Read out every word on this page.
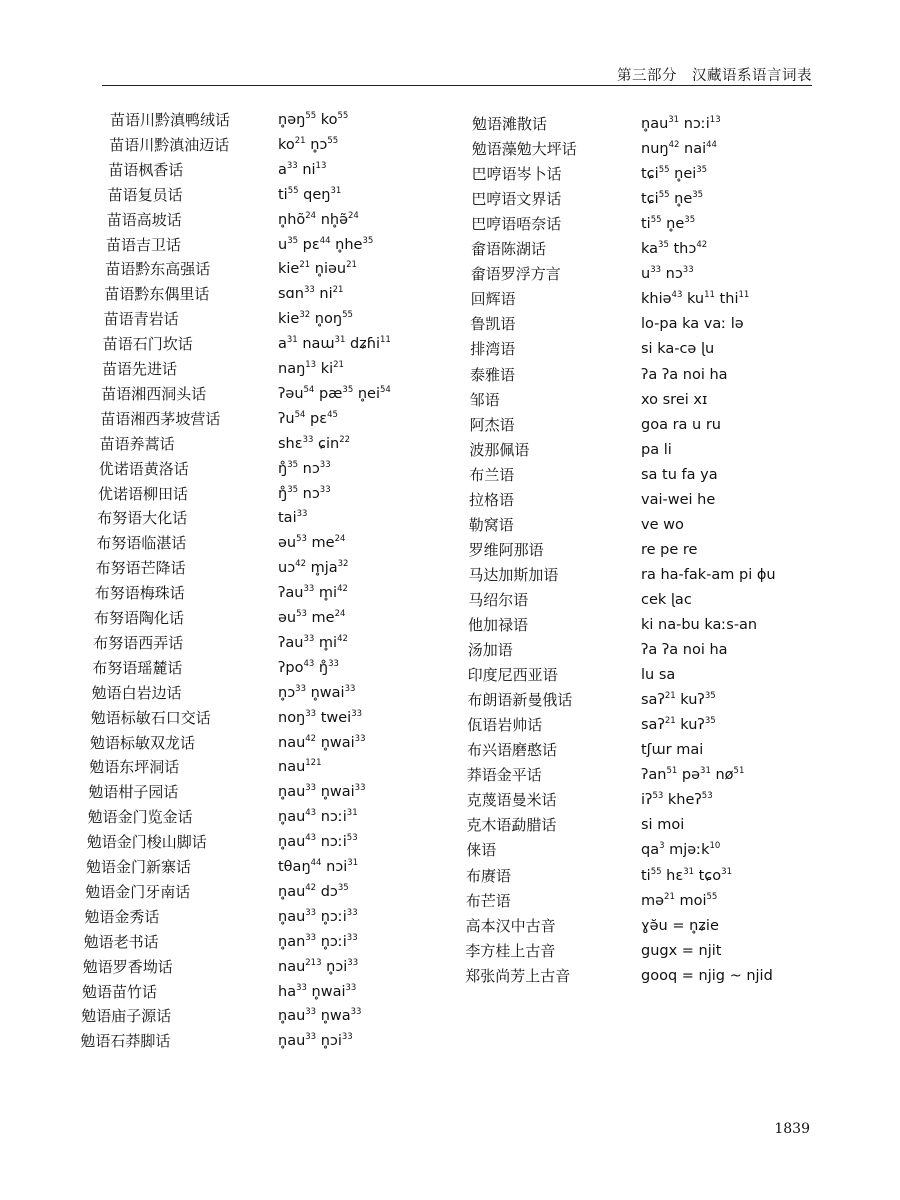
第三部分　汉藏语系语言词表
苗语川黔滇鸭绒话	n̥əŋ$^{55}$ $ko^{55}$
苗语川黔滇油迈话	$ko^{21}$ n̥ɔ$^{55}$
苗语枫香话	$a^{33}$ $ni^{13}$
苗语复员话	$ti^{55}$ qeŋ$^{31}$
苗语高坡话	$n̥hõ^{24}$ nh̥ə̃$^{24}$
苗语吉卫话	$u^{35}$ pɛ$^{44}$ $n̥he^{35}$
苗语黔东高强话	kie$^{21}$ n̥iəu$^{21}$
苗语黔东偶里话	sɑn$^{33}$ $ni^{21}$
苗语青岩话	kie$^{32}$ $n̥oŋ^{55}$
苗语石门坎话	$a^{31}$ naɯ$^{31}$ dʑɦi$^{11}$
苗语先进话	naŋ$^{13}$ $ki^{21}$
苗语湘西洞头话	ʔəu$^{54}$ $pæ^{35}$ $n̥ei^{54}$
苗语湘西茅坡营话	ʔu$^{54}$ pɛ$^{45}$
苗语养蒿话	shɛ$^{33}$ ɕin$^{22}$
优诺语黄洛话	ŋ̊$^{35}$ nɔ$^{33}$
优诺语柳田话	ŋ̊$^{35}$ nɔ$^{33}$
布努语大化话	tai$^{33}$
布努语临湛话	əu$^{53}$ $me^{24}$
布努语芒降话	uɔ$^{42}$ $m̥ja^{32}$
布努语梅珠话	ʔau$^{33}$ $m̥i^{42}$
布努语陶化话	əu$^{53}$ $me^{24}$
布努语西弄话	ʔau$^{33}$ $m̥i^{42}$
布努语瑶麓话	ʔpo$^{43}$ ŋ̊$^{33}$
勉语白岩边话	n̥ɔ$^{33}$ n̥wai$^{33}$
勉语标敏石口交话	noŋ$^{33}$ twei$^{33}$
勉语标敏双龙话	nau$^{42}$ n̥wai$^{33}$
勉语东坪洞话	nau$^{121}$
勉语柑子园话	$n̥au^{33}$ n̥wai$^{33}$
勉语金门览金话	$n̥au^{43}$ nɔːi$^{31}$
勉语金门梭山脚话	$n̥au^{43}$ nɔːi$^{53}$
勉语金门新寨话	tθaŋ$^{44}$ nɔi$^{31}$
勉语金门牙南话	$n̥au^{42}$ dɔ$^{35}$
勉语金秀话	$n̥au^{33}$ n̥ɔːi$^{33}$
勉语老书话	$n̥an^{33}$ n̥ɔːi$^{33}$
勉语罗香坳话	nau$^{213}$ n̥ɔi$^{33}$
勉语苗竹话	$ha^{33}$ n̥wai$^{33}$
勉语庙子源话	$n̥au^{33}$ $n̥wa^{33}$
勉语石莽脚话	$n̥au^{33}$ n̥ɔi$^{33}$
勉语滩散话	$n̥au^{31}$ nɔːi$^{13}$
勉语藻勉大坪话	nuŋ$^{42}$ nai$^{44}$
巴哼语岑卜话	tɕi$^{55}$ $n̥ei^{35}$
巴哼语文界话	tɕi$^{55}$ $n̥e^{35}$
巴哼语唔奈话	$ti^{55}$ $n̥e^{35}$
畲语陈湖话	$ka^{35}$ thɔ$^{42}$
畲语罗浮方言	$u^{33}$ nɔ$^{33}$
回辉语	khiə$^{43}$ $ku^{11}$ thi$^{11}$
鲁凯语	lo-pa ka vaː lə
排湾语	si ka-cə ɭu
泰雅语	ʔa ʔa noi ha
邹语	xo srei xɪ
阿杰语	goa ra u ru
波那佩语	pa li
布兰语	sa tu fa ya
拉格语	vai-wei he
勒窝语	ve wo
罗维阿那语	re pe re
马达加斯加语	ra ha-fak-am pi ɸu
马绍尔语	cek ɭac
他加禄语	ki na-bu kaːs-an
汤加语	ʔa ʔa noi ha
印度尼西亚语	lu sa
布朗语新曼俄话	saʔ$^{21}$ kuʔ$^{35}$
佤语岩帅话	saʔ$^{21}$ kuʔ$^{35}$
布兴语磨憨话	tʃɯr mai
莽语金平话	ʔan$^{51}$ pə$^{31}$ $nø^{51}$
克蔑语曼米话	iʔ$^{53}$ kheʔ$^{53}$
克木语勐腊话	si moi
俫语	$qa^3$ mjəːk$^{10}$
布赓语	$ti^{55}$ hɛ$^{31}$ tɕo$^{31}$
布芒语	mə$^{21}$ moi$^{55}$
高本汉中古音	ɣə̆u = n̥ʑie
李方桂上古音	gugx = njit
郑张尚芳上古音	gooq = njig ~ njid
1839
